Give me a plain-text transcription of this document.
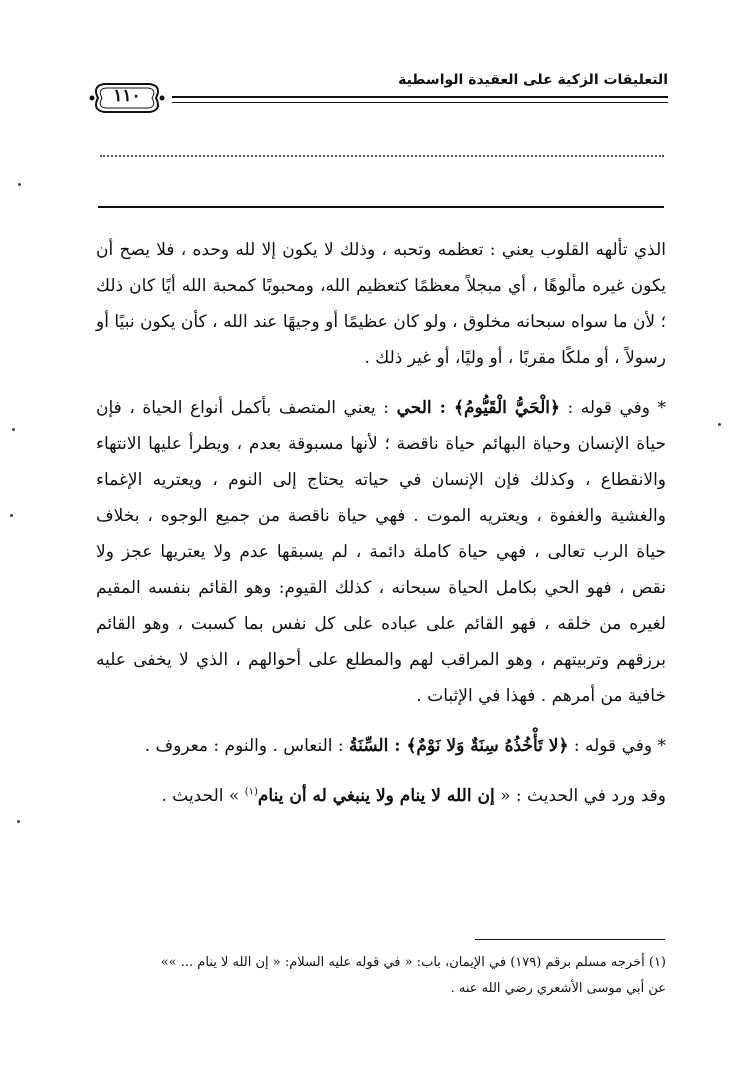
التعليقات الزكية على العقيدة الواسطية
١١٠

الذي تألهه القلوب يعني : تعظمه وتحبه ، وذلك لا يكون إلا لله وحده ، فلا يصح أن يكون غيره مألوهًا ، أي مبجلاً معظمًا كتعظيم الله، ومحبوبًا كمحبة الله أيًا كان ذلك ؛ لأن ما سواه سبحانه مخلوق ، ولو كان عظيمًا أو وجيهًا عند الله ، كأن يكون نبيًا أو رسولاً ، أو ملكًا مقربًا ، أو وليًا، أو غير ذلك .

* وفي قوله : ﴿الْحَيُّ الْقَيُّومُ﴾ : الحي : يعني المتصف بأكمل أنواع الحياة ، فإن حياة الإنسان وحياة البهائم حياة ناقصة ؛ لأنها مسبوقة بعدم ، ويطرأ عليها الانتهاء والانقطاع ، وكذلك فإن الإنسان في حياته يحتاج إلى النوم ، ويعتريه الإغماء والغشية والغفوة ، ويعتريه الموت . فهي حياة ناقصة من جميع الوجوه ، بخلاف حياة الرب تعالى ، فهي حياة كاملة دائمة ، لم يسبقها عدم ولا يعتريها عجز ولا نقص ، فهو الحي بكامل الحياة سبحانه ، كذلك القيوم: وهو القائم بنفسه المقيم لغيره من خلقه ، فهو القائم على عباده على كل نفس بما كسبت ، وهو القائم برزقهم وتربيتهم ، وهو المراقب لهم والمطلع على أحوالهم ، الذي لا يخفى عليه خافية من أمرهم . فهذا في الإثبات .

* وفي قوله : ﴿لا تَأْخُذُهُ سِنَةٌ وَلا نَوْمٌ﴾ : السِّنَةُ : النعاس . والنوم : معروف .

وقد ورد في الحديث : « إن الله لا ينام ولا ينبغي له أن ينام$^{(١)}$ » الحديث .

(١) أخرجه مسلم برقم (١٧٩) في الإيمان، باب: « في قوله عليه السلام: « إن الله لا ينام ... »»

عن أبي موسى الأشعري رضي الله عنه .
